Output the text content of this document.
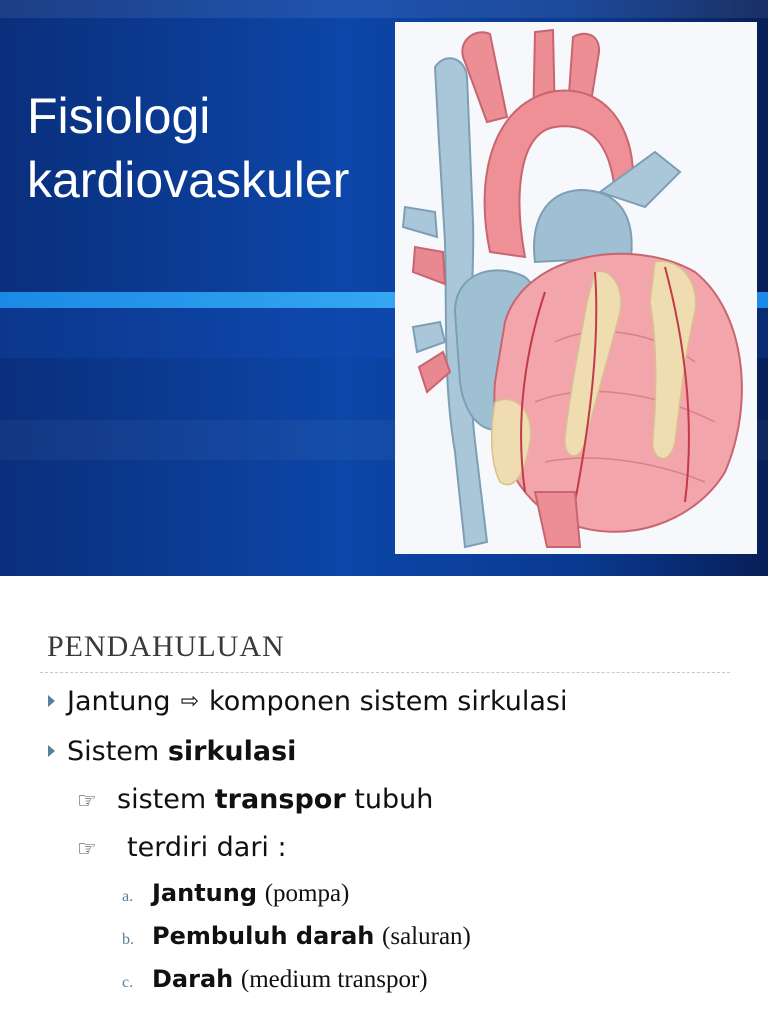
Fisiologi
kardiovaskuler
PENDAHULUAN
Jantung ⇨ komponen sistem sirkulasi
Sistem sirkulasi
☞ sistem transpor tubuh
☞ terdiri dari :
a. Jantung (pompa)
b. Pembuluh darah (saluran)
c. Darah (medium transpor)
